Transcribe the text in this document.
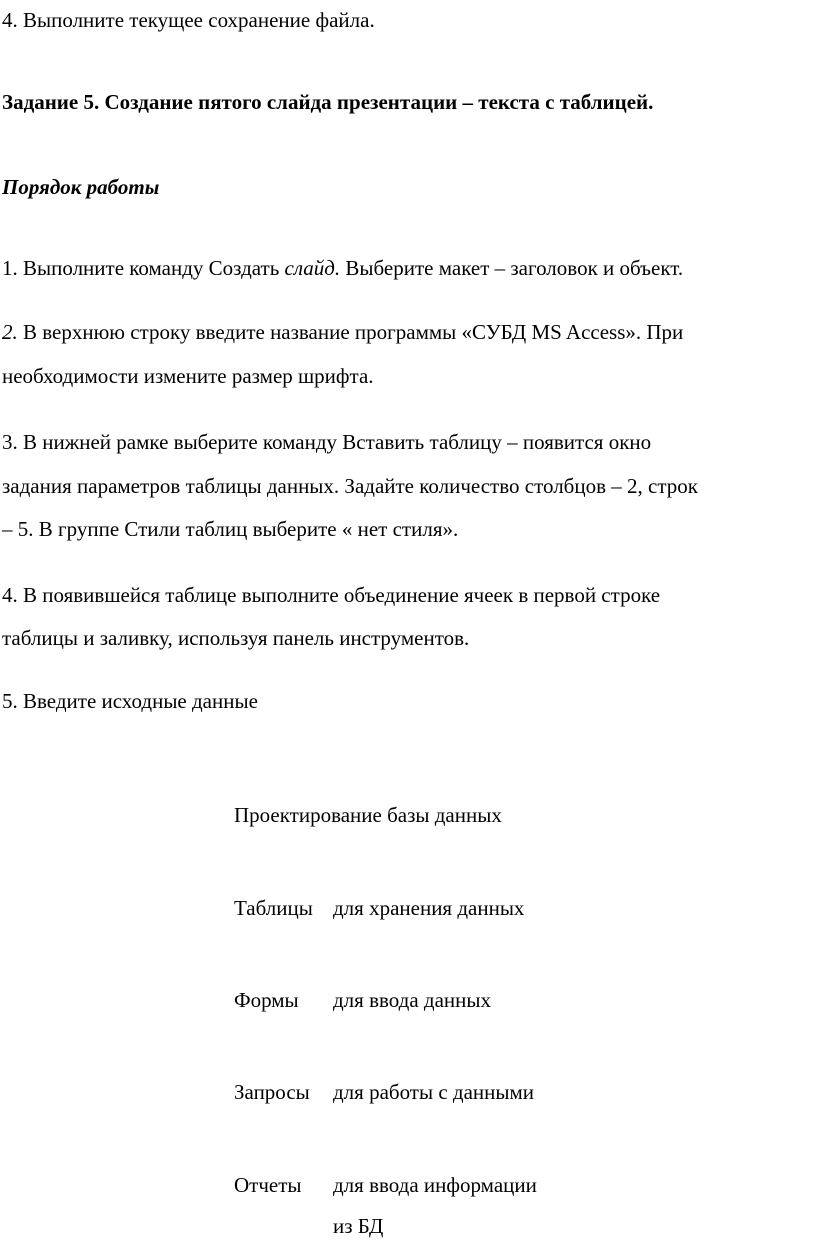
4. Выполните текущее сохранение файла.
Задание 5. Создание пятого слайда презентации – текста с таблицей.
Порядок работы
1. Выполните команду Создать слайд. Выберите макет – заголовок и объект.
2. В верхнюю строку введите название программы «СУБД MS Access». При
необходимости измените размер шрифта.
3. В нижней рамке выберите команду Вставить таблицу – появится окно
задания параметров таблицы данных. Задайте количество столбцов – 2, строк
– 5. В группе Стили таблиц выберите « нет стиля».
4. В появившейся таблице выполните объединение ячеек в первой строке
таблицы и заливку, используя панель инструментов.
5. Введите исходные данные
Проектирование базы данных
Таблицы для хранения данных
Формы для ввода данных
Запросы для работы с данными
Отчеты для ввода информации
из БД
